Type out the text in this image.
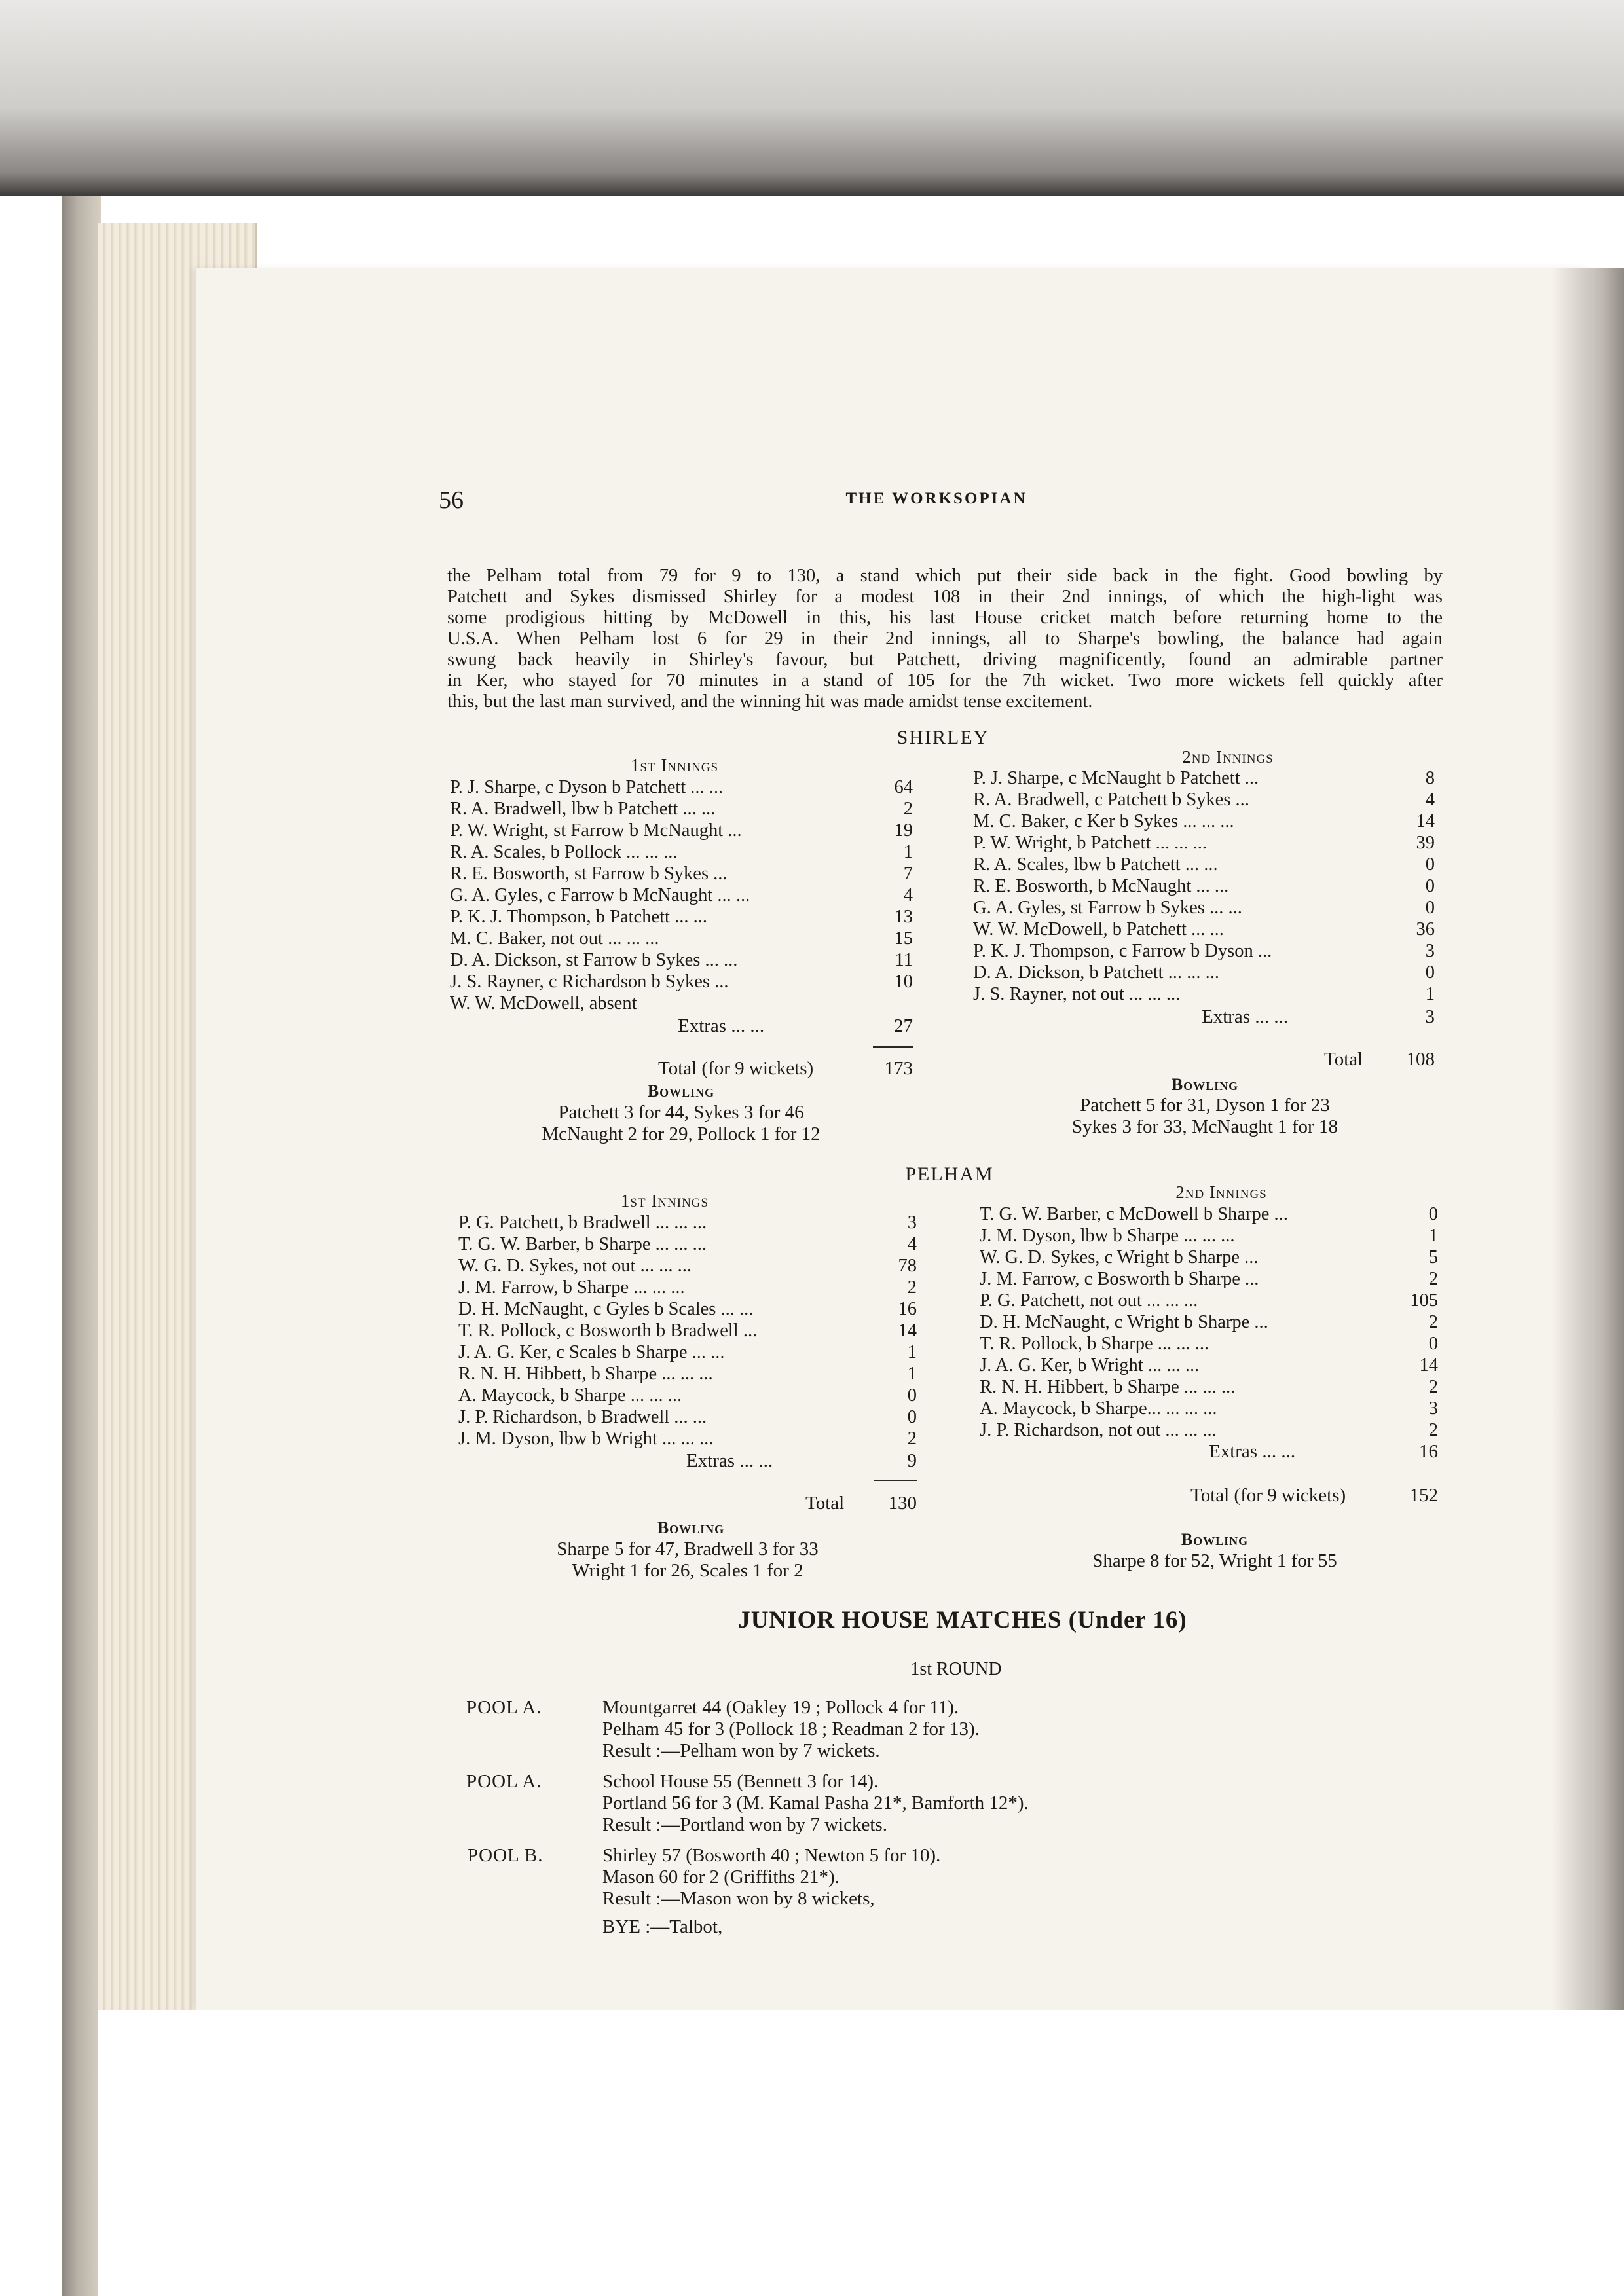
56	THE WORKSOPIAN
the Pelham total from 79 for 9 to 130, a stand which put their side back in the fight. Good bowling by
Patchett and Sykes dismissed Shirley for a modest 108 in their 2nd innings, of which the high-light was
some prodigious hitting by McDowell in this, his last House cricket match before returning home to the
U.S.A. When Pelham lost 6 for 29 in their 2nd innings, all to Sharpe's bowling, the balance had again
swung back heavily in Shirley's favour, but Patchett, driving magnificently, found an admirable partner
in Ker, who stayed for 70 minutes in a stand of 105 for the 7th wicket. Two more wickets fell quickly after
this, but the last man survived, and the winning hit was made amidst tense excitement.
SHIRLEY
1st Innings
P. J. Sharpe, c Dyson b Patchett ... ...	64
R. A. Bradwell, lbw b Patchett ... ...	2
P. W. Wright, st Farrow b McNaught ...	19
R. A. Scales, b Pollock ... ... ...	1
R. E. Bosworth, st Farrow b Sykes ...	7
G. A. Gyles, c Farrow b McNaught ... ...	4
P. K. J. Thompson, b Patchett ... ...	13
M. C. Baker, not out ... ... ...	15
D. A. Dickson, st Farrow b Sykes ... ...	11
J. S. Rayner, c Richardson b Sykes ...	10
W. W. McDowell, absent
Extras ... ...	27
Total (for 9 wickets)	173
Bowling
Patchett 3 for 44, Sykes 3 for 46
McNaught 2 for 29, Pollock 1 for 12
2nd Innings
P. J. Sharpe, c McNaught b Patchett ...	8
R. A. Bradwell, c Patchett b Sykes ...	4
M. C. Baker, c Ker b Sykes ... ... ...	14
P. W. Wright, b Patchett ... ... ...	39
R. A. Scales, lbw b Patchett ... ...	0
R. E. Bosworth, b McNaught ... ...	0
G. A. Gyles, st Farrow b Sykes ... ...	0
W. W. McDowell, b Patchett ... ...	36
P. K. J. Thompson, c Farrow b Dyson ...	3
D. A. Dickson, b Patchett ... ... ...	0
J. S. Rayner, not out ... ... ...	1
Extras ... ...	3
Total	108
Bowling
Patchett 5 for 31, Dyson 1 for 23
Sykes 3 for 33, McNaught 1 for 18
PELHAM
1st Innings
P. G. Patchett, b Bradwell ... ... ...	3
T. G. W. Barber, b Sharpe ... ... ...	4
W. G. D. Sykes, not out ... ... ...	78
J. M. Farrow, b Sharpe ... ... ...	2
D. H. McNaught, c Gyles b Scales ... ...	16
T. R. Pollock, c Bosworth b Bradwell ...	14
J. A. G. Ker, c Scales b Sharpe ... ...	1
R. N. H. Hibbett, b Sharpe ... ... ...	1
A. Maycock, b Sharpe ... ... ...	0
J. P. Richardson, b Bradwell ... ...	0
J. M. Dyson, lbw b Wright ... ... ...	2
Extras ... ...	9
Total	130
Bowling
Sharpe 5 for 47, Bradwell 3 for 33
Wright 1 for 26, Scales 1 for 2
2nd Innings
T. G. W. Barber, c McDowell b Sharpe ...	0
J. M. Dyson, lbw b Sharpe ... ... ...	1
W. G. D. Sykes, c Wright b Sharpe ...	5
J. M. Farrow, c Bosworth b Sharpe ...	2
P. G. Patchett, not out ... ... ...	105
D. H. McNaught, c Wright b Sharpe ...	2
T. R. Pollock, b Sharpe ... ... ...	0
J. A. G. Ker, b Wright ... ... ...	14
R. N. H. Hibbert, b Sharpe ... ... ...	2
A. Maycock, b Sharpe... ... ... ...	3
J. P. Richardson, not out ... ... ...	2
Extras ... ...	16
Total (for 9 wickets)	152
Bowling
Sharpe 8 for 52, Wright 1 for 55
JUNIOR HOUSE MATCHES (Under 16)
1st ROUND
POOL A.	Mountgarret 44 (Oakley 19 ; Pollock 4 for 11).
Pelham 45 for 3 (Pollock 18 ; Readman 2 for 13).
Result :—Pelham won by 7 wickets.
POOL A.	School House 55 (Bennett 3 for 14).
Portland 56 for 3 (M. Kamal Pasha 21*, Bamforth 12*).
Result :—Portland won by 7 wickets.
POOL B.	Shirley 57 (Bosworth 40 ; Newton 5 for 10).
Mason 60 for 2 (Griffiths 21*).
Result :—Mason won by 8 wickets,
BYE :—Talbot,
